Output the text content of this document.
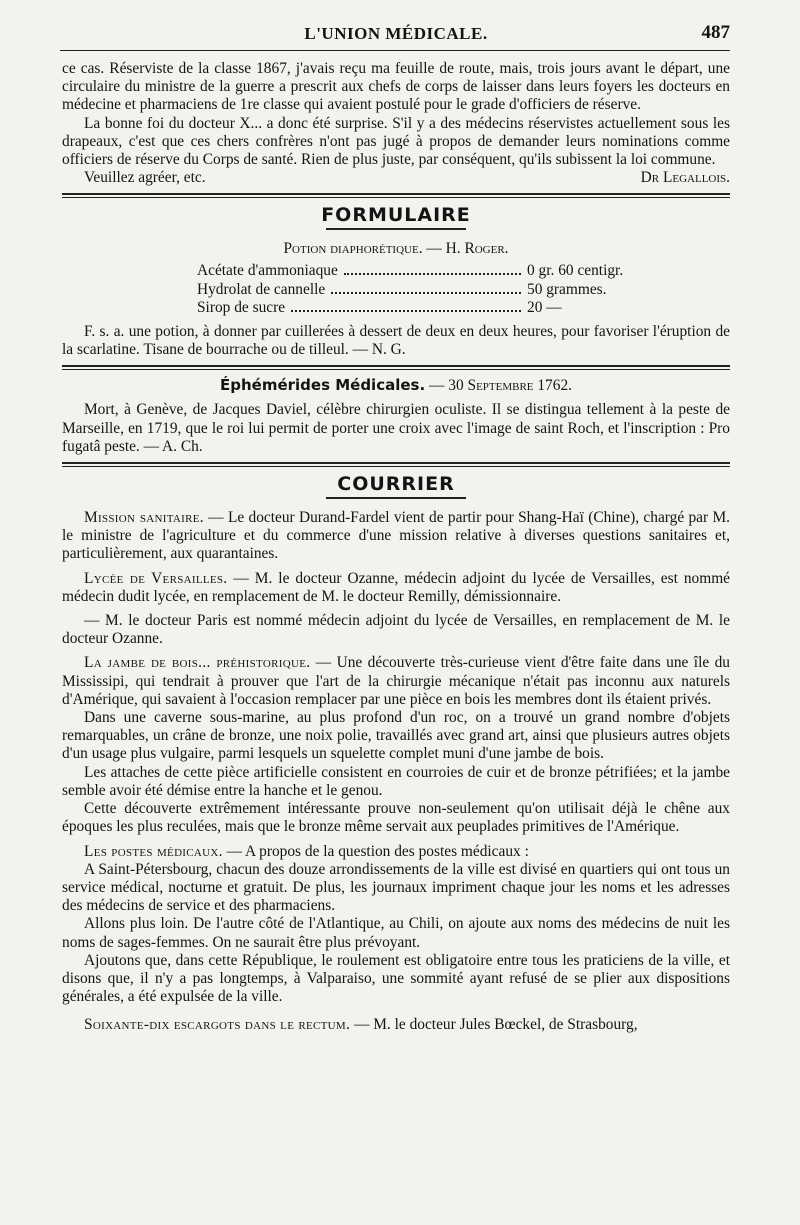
L'UNION MÉDICALE.	487

ce cas. Réserviste de la classe 1867, j'avais reçu ma feuille de route, mais, trois jours avant le départ, une circulaire du ministre de la guerre a prescrit aux chefs de corps de laisser dans leurs foyers les docteurs en médecine et pharmaciens de 1re classe qui avaient postulé pour le grade d'officiers de réserve.

La bonne foi du docteur X... a donc été surprise. S'il y a des médecins réservistes actuellement sous les drapeaux, c'est que ces chers confrères n'ont pas jugé à propos de demander leurs nominations comme officiers de réserve du Corps de santé. Rien de plus juste, par conséquent, qu'ils subissent la loi commune.

Veuillez agréer, etc.	Dr Legallois.
FORMULAIRE
Potion diaphorétique. — H. Roger.
Acétate d'ammoniaque	0 gr. 60 centigr.
Hydrolat de cannelle	50 grammes.
Sirop de sucre	20 —

F. s. a. une potion, à donner par cuillerées à dessert de deux en deux heures, pour favoriser l'éruption de la scarlatine. Tisane de bourrache ou de tilleul. — N. G.

Éphémérides Médicales. — 30 Septembre 1762.

Mort, à Genève, de Jacques Daviel, célèbre chirurgien oculiste. Il se distingua tellement à la peste de Marseille, en 1719, que le roi lui permit de porter une croix avec l'image de saint Roch, et l'inscription : Pro fugatâ peste. — A. Ch.

COURRIER

Mission sanitaire. — Le docteur Durand-Fardel vient de partir pour Shang-Haï (Chine), chargé par M. le ministre de l'agriculture et du commerce d'une mission relative à diverses questions sanitaires et, particulièrement, aux quarantaines.

Lycée de Versailles. — M. le docteur Ozanne, médecin adjoint du lycée de Versailles, est nommé médecin dudit lycée, en remplacement de M. le docteur Remilly, démissionnaire.

— M. le docteur Paris est nommé médecin adjoint du lycée de Versailles, en remplacement de M. le docteur Ozanne.

La jambe de bois... préhistorique. — Une découverte très-curieuse vient d'être faite dans une île du Mississipi, qui tendrait à prouver que l'art de la chirurgie mécanique n'était pas inconnu aux naturels d'Amérique, qui savaient à l'occasion remplacer par une pièce en bois les membres dont ils étaient privés.

Dans une caverne sous-marine, au plus profond d'un roc, on a trouvé un grand nombre d'objets remarquables, un crâne de bronze, une noix polie, travaillés avec grand art, ainsi que plusieurs autres objets d'un usage plus vulgaire, parmi lesquels un squelette complet muni d'une jambe de bois.

Les attaches de cette pièce artificielle consistent en courroies de cuir et de bronze pétrifiées; et la jambe semble avoir été démise entre la hanche et le genou.

Cette découverte extrêmement intéressante prouve non-seulement qu'on utilisait déjà le chêne aux époques les plus reculées, mais que le bronze même servait aux peuplades primitives de l'Amérique.

Les postes médicaux. — A propos de la question des postes médicaux :

A Saint-Pétersbourg, chacun des douze arrondissements de la ville est divisé en quartiers qui ont tous un service médical, nocturne et gratuit. De plus, les journaux impriment chaque jour les noms et les adresses des médecins de service et des pharmaciens.

Allons plus loin. De l'autre côté de l'Atlantique, au Chili, on ajoute aux noms des médecins de nuit les noms de sages-femmes. On ne saurait être plus prévoyant.

Ajoutons que, dans cette République, le roulement est obligatoire entre tous les praticiens de la ville, et disons que, il n'y a pas longtemps, à Valparaiso, une sommité ayant refusé de se plier aux dispositions générales, a été expulsée de la ville.

Soixante-dix escargots dans le rectum. — M. le docteur Jules Bœckel, de Strasbourg,
